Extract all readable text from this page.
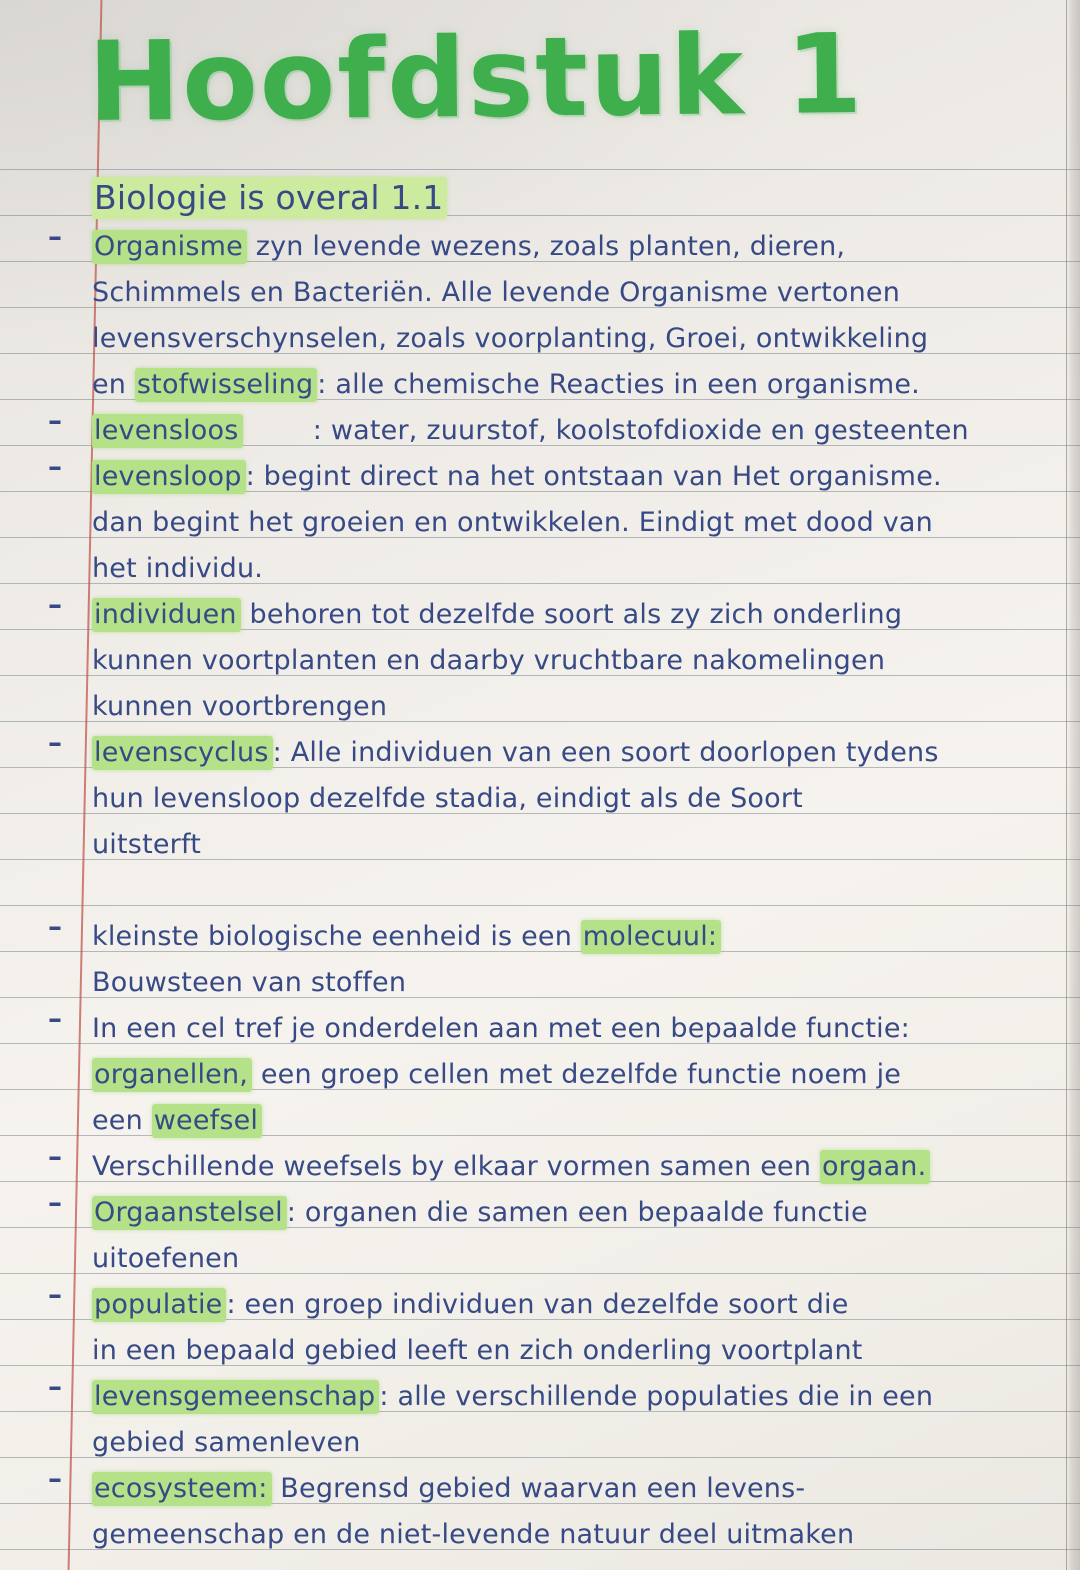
Hoofdstuk 1
Biologie is overal 1.1
– Organisme zyn levende wezens, zoals planten, dieren,
Schimmels en Bacteriën. Alle levende Organisme vertonen
levensverschynselen, zoals voorplanting, Groei, ontwikkeling
en stofwisseling : alle chemische Reacties in een organisme.
– levensloos        : water, zuurstof, koolstofdioxide en gesteenten
– levensloop : begint direct na het ontstaan van Het organisme.
dan begint het groeien en ontwikkelen. Eindigt met dood van
het individu.
– individuen behoren tot dezelfde soort als zy zich onderling
kunnen voortplanten en daarby vruchtbare nakomelingen
kunnen voortbrengen
– levenscyclus : Alle individuen van een soort doorlopen tydens
hun levensloop dezelfde stadia, eindigt als de Soort
uitsterft
– kleinste biologische eenheid is een molecuul:
Bouwsteen van stoffen
– In een cel tref je onderdelen aan met een bepaalde functie:
organellen, een groep cellen met dezelfde functie noem je
een weefsel
– Verschillende weefsels by elkaar vormen samen een orgaan.
– Orgaanstelsel : organen die samen een bepaalde functie
uitoefenen
– populatie : een groep individuen van dezelfde soort die
in een bepaald gebied leeft en zich onderling voortplant
– levensgemeenschap : alle verschillende populaties die in een
gebied samenleven
– ecosysteem: Begrensd gebied waarvan een levens-
gemeenschap en de niet-levende natuur deel uitmaken
